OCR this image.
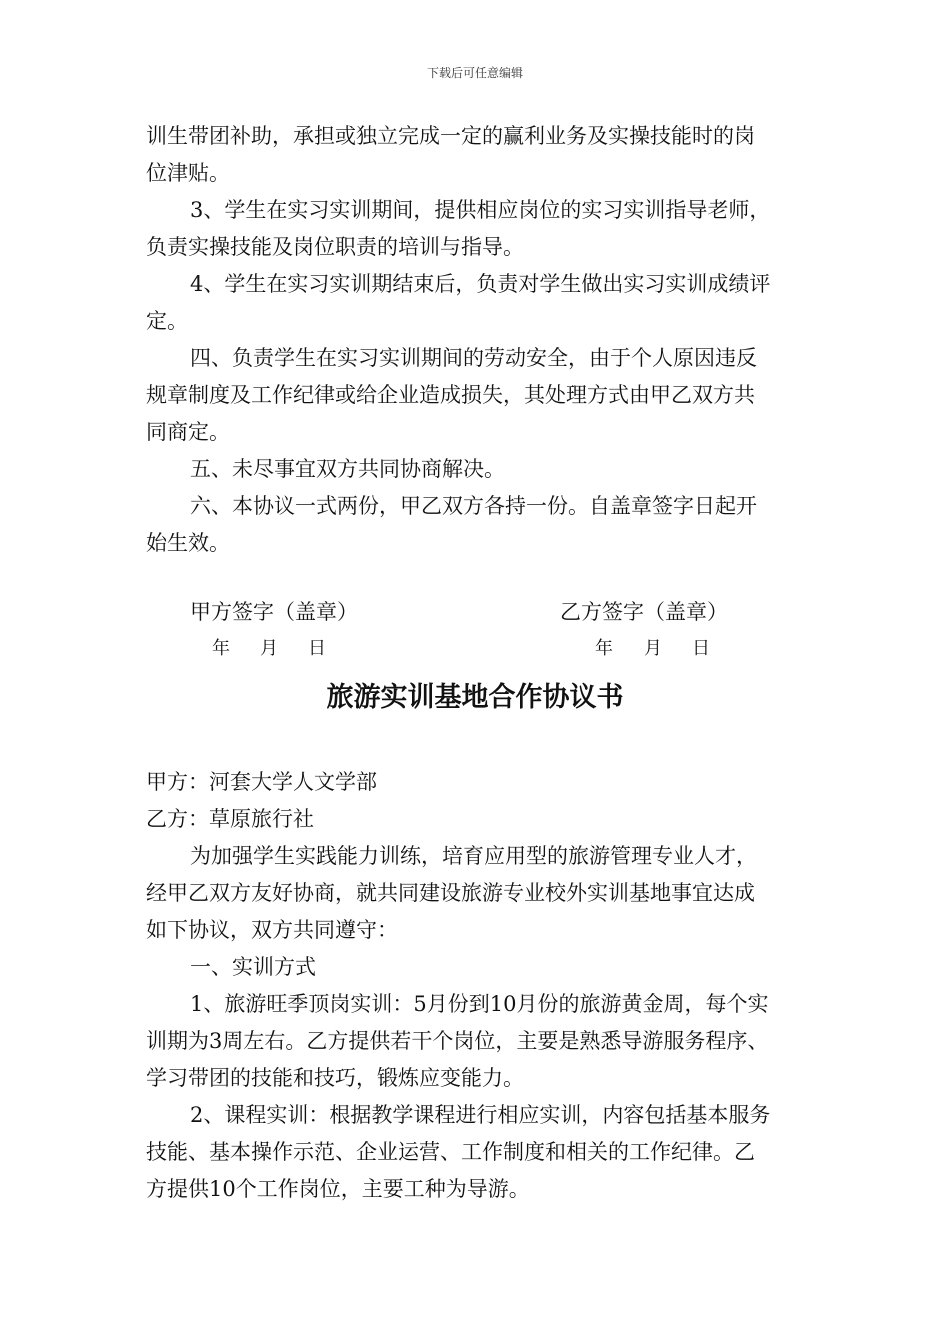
下载后可任意编辑
训生带团补助，承担或独立完成一定的赢利业务及实操技能时的岗
位津贴。
3、学生在实习实训期间，提供相应岗位的实习实训指导老师，
负责实操技能及岗位职责的培训与指导。
4、学生在实习实训期结束后，负责对学生做出实习实训成绩评
定。
四、负责学生在实习实训期间的劳动安全，由于个人原因违反
规章制度及工作纪律或给企业造成损失，其处理方式由甲乙双方共
同商定。
五、未尽事宜双方共同协商解决。
六、本协议一式两份，甲乙双方各持一份。自盖章签字日起开
始生效。
甲方签字（盖章）	乙方签字（盖章）
年 月 日	年 月 日
旅游实训基地合作协议书
甲方：河套大学人文学部
乙方：草原旅行社
为加强学生实践能力训练，培育应用型的旅游管理专业人才，
经甲乙双方友好协商，就共同建设旅游专业校外实训基地事宜达成
如下协议，双方共同遵守：
一、实训方式
1、旅游旺季顶岗实训：5月份到10月份的旅游黄金周，每个实
训期为3周左右。乙方提供若干个岗位，主要是熟悉导游服务程序、
学习带团的技能和技巧，锻炼应变能力。
2、课程实训：根据教学课程进行相应实训，内容包括基本服务
技能、基本操作示范、企业运营、工作制度和相关的工作纪律。乙
方提供10个工作岗位，主要工种为导游。
